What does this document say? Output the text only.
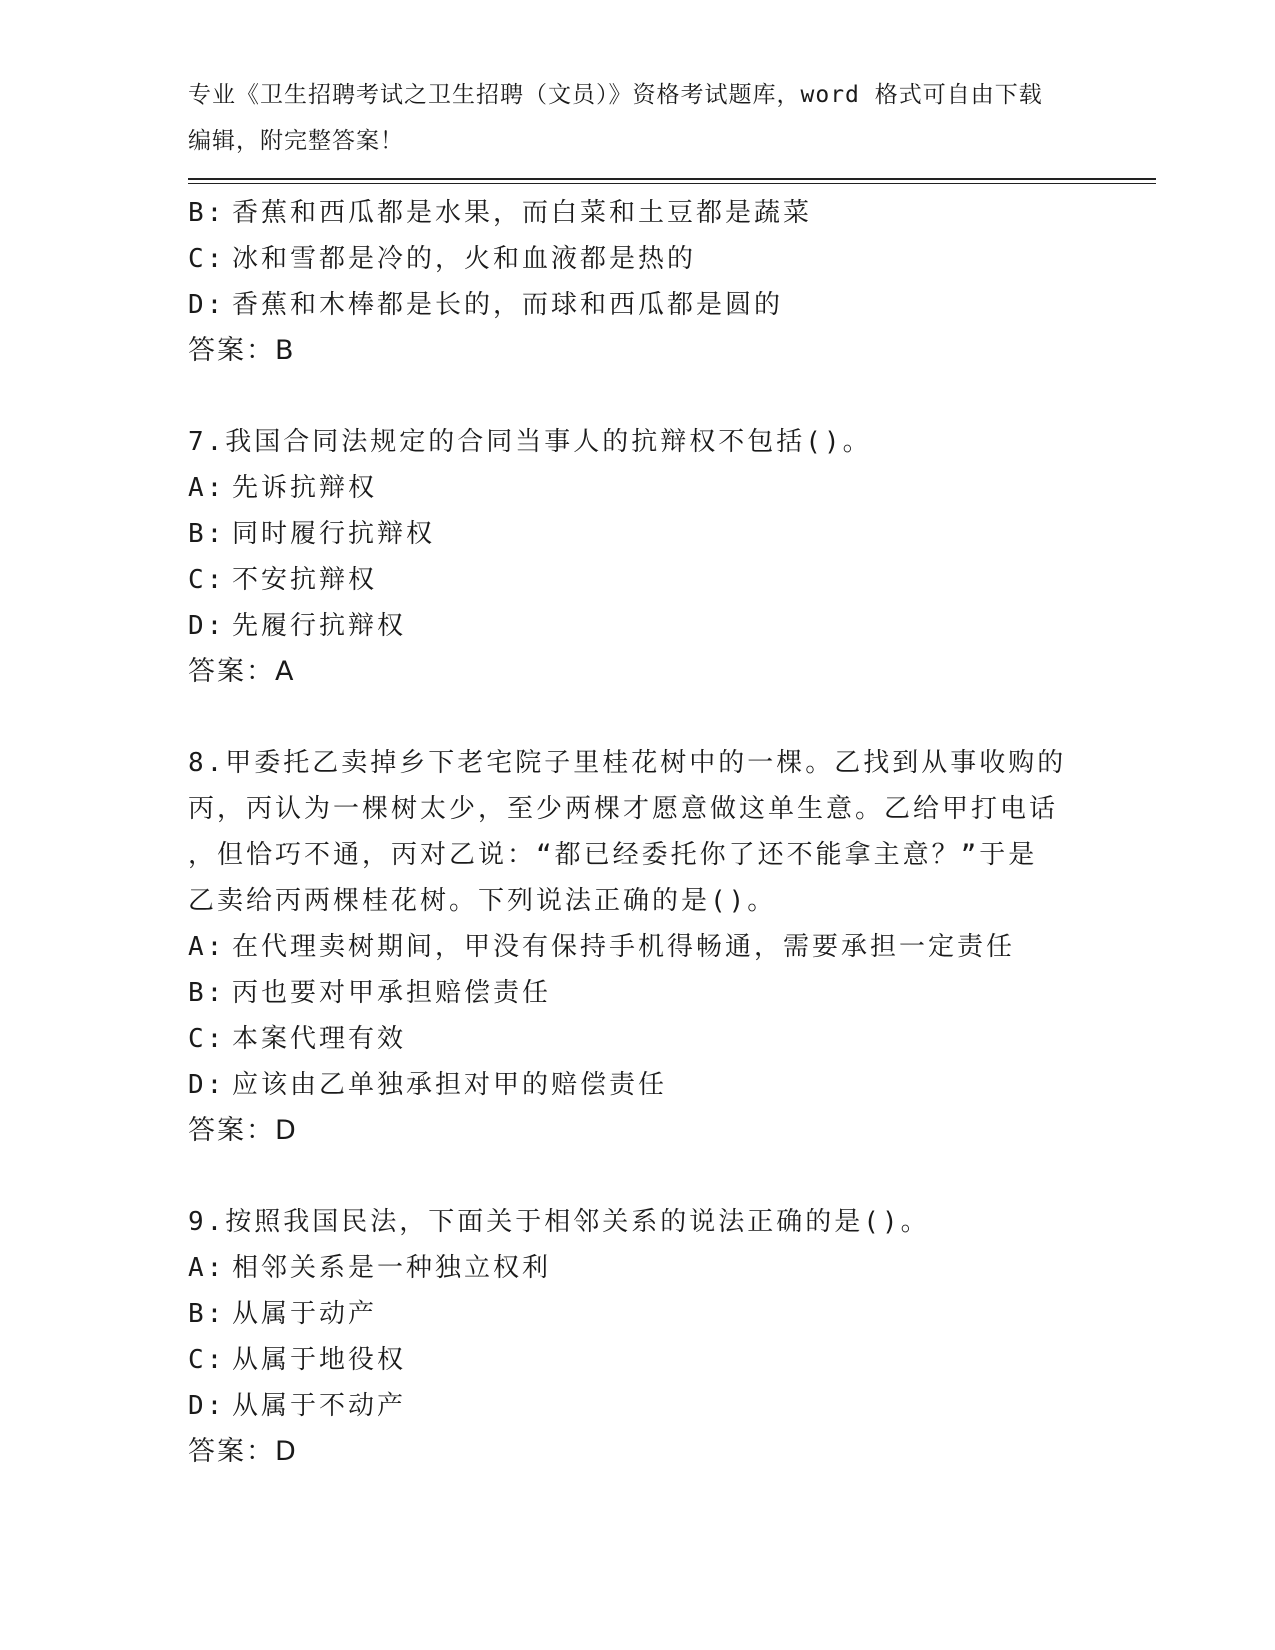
专业《卫生招聘考试之卫生招聘（文员）》资格考试题库，word 格式可自由下载
编辑，附完整答案！
B: 香蕉和西瓜都是水果，而白菜和土豆都是蔬菜
C: 冰和雪都是冷的，火和血液都是热的
D: 香蕉和木棒都是长的，而球和西瓜都是圆的
答案：B
7.我国合同法规定的合同当事人的抗辩权不包括()。
A: 先诉抗辩权
B: 同时履行抗辩权
C: 不安抗辩权
D: 先履行抗辩权
答案：A
8.甲委托乙卖掉乡下老宅院子里桂花树中的一棵。乙找到从事收购的
丙，丙认为一棵树太少，至少两棵才愿意做这单生意。乙给甲打电话
，但恰巧不通，丙对乙说：“都已经委托你了还不能拿主意？”于是
乙卖给丙两棵桂花树。下列说法正确的是()。
A: 在代理卖树期间，甲没有保持手机得畅通，需要承担一定责任
B: 丙也要对甲承担赔偿责任
C: 本案代理有效
D: 应该由乙单独承担对甲的赔偿责任
答案：D
9.按照我国民法，下面关于相邻关系的说法正确的是()。
A: 相邻关系是一种独立权利
B: 从属于动产
C: 从属于地役权
D: 从属于不动产
答案：D
